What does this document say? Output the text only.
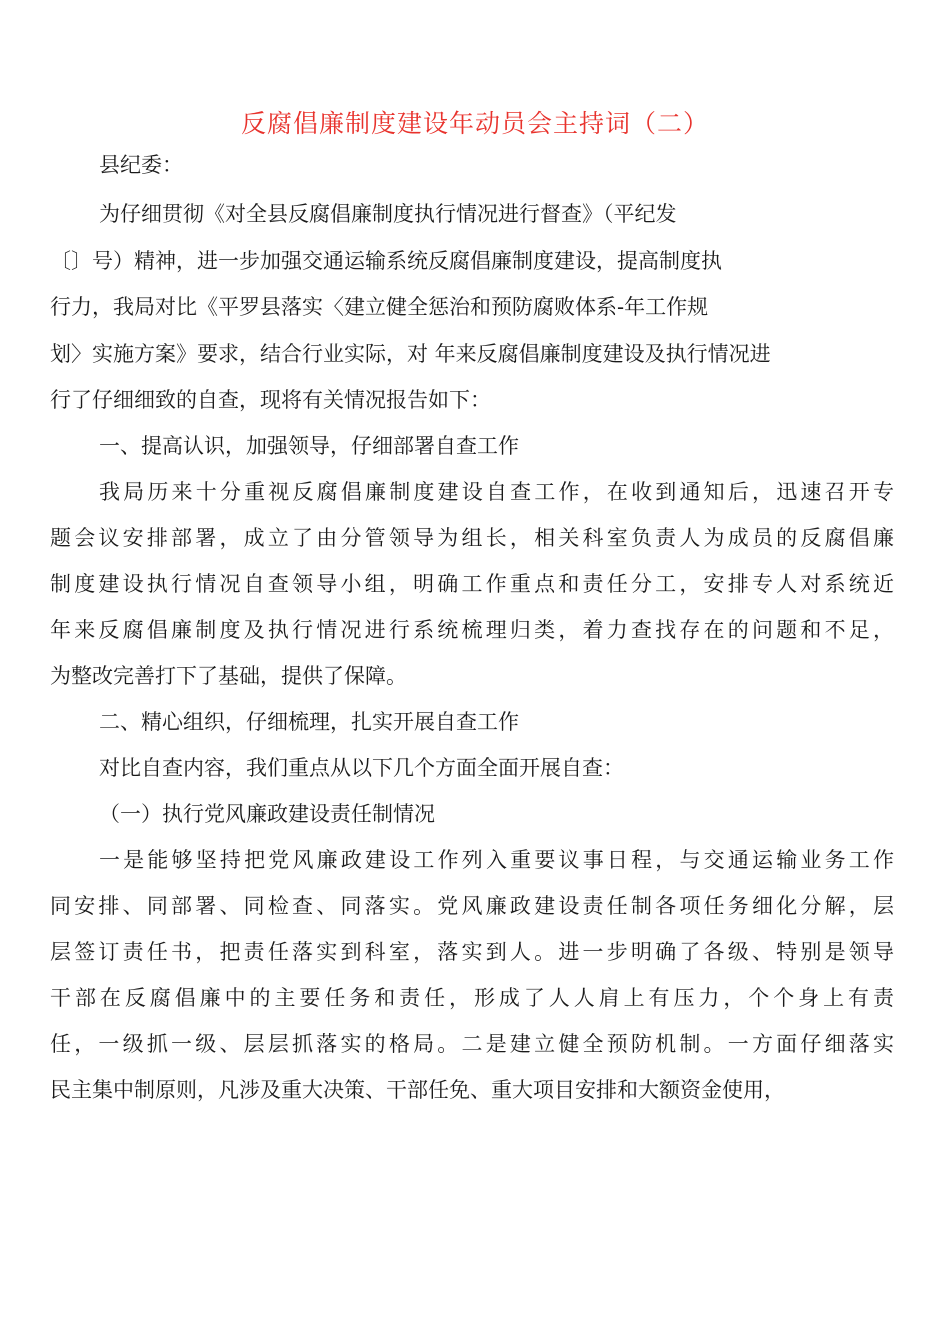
反腐倡廉制度建设年动员会主持词（二）
县纪委：
为仔细贯彻《对全县反腐倡廉制度执行情况进行督查》（平纪发
〔〕号）精神，进一步加强交通运输系统反腐倡廉制度建设，提高制度执
行力，我局对比《平罗县落实〈建立健全惩治和预防腐败体系-年工作规
划〉实施方案》要求，结合行业实际，对 年来反腐倡廉制度建设及执行情况进
行了仔细细致的自查，现将有关情况报告如下：
一、提高认识，加强领导，仔细部署自查工作
我局历来十分重视反腐倡廉制度建设自查工作，在收到通知后，迅速召开专
题会议安排部署，成立了由分管领导为组长，相关科室负责人为成员的反腐倡廉
制度建设执行情况自查领导小组，明确工作重点和责任分工，安排专人对系统近
年来反腐倡廉制度及执行情况进行系统梳理归类，着力查找存在的问题和不足，
为整改完善打下了基础，提供了保障。
二、精心组织，仔细梳理，扎实开展自查工作
对比自查内容，我们重点从以下几个方面全面开展自查：
（一）执行党风廉政建设责任制情况
一是能够坚持把党风廉政建设工作列入重要议事日程，与交通运输业务工作
同安排、同部署、同检查、同落实。党风廉政建设责任制各项任务细化分解，层
层签订责任书，把责任落实到科室，落实到人。进一步明确了各级、特别是领导
干部在反腐倡廉中的主要任务和责任，形成了人人肩上有压力，个个身上有责
任，一级抓一级、层层抓落实的格局。二是建立健全预防机制。一方面仔细落实
民主集中制原则，凡涉及重大决策、干部任免、重大项目安排和大额资金使用，
